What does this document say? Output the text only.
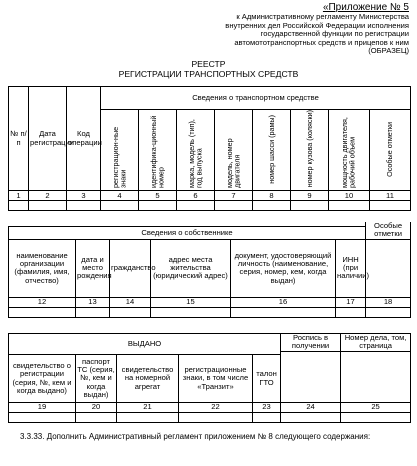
«Приложение № 5
к Административному регламенту Министерства
внутренних дел Российской Федерации исполнения
государственной функции по регистрации
автомототранспортных средств и прицепов к ним
(ОБРАЗЕЦ)
РЕЕСТР
РЕГИСТРАЦИИ ТРАНСПОРТНЫХ СРЕДСТВ
№ п/п	Дата регистрации	Код операции	Сведения о транспортном средстве							
			регистрацион-ные знаки	идентифика-ционный номер	марка, модель (тип), год выпуска	модель, номер двигателя	номер шасси (рамы)	номер кузова (коляски)	мощность двигателя, рабочий объем	Особые отметки
1	2	3	4	5	6	7	8	9	10	11

						Особые отметки
Сведения о собственнике						
наименование организации (фамилия, имя, отчество)	дата и место рождения	гражданство	адрес места жительства (юридический адрес)	документ, удостоверяющий личность (наименование, серия, номер, кем, когда выдан)	ИНН (при наличии)	
12	13	14	15	16	17	18

ВЫДАНО					Роспись в получении	Номер дела, том, страница

свидетельство о регистрации (серия, №, кем и когда выдано)	паспорт ТС (серия, №, кем и когда выдан)	свидетельство на номерной агрегат	регистрационные знаки, в том числе «Транзит»	талон ГТО		
19	20	21	22	23	24	25

3.3.33. Дополнить Административный регламент приложением № 8 следующего содержания:
